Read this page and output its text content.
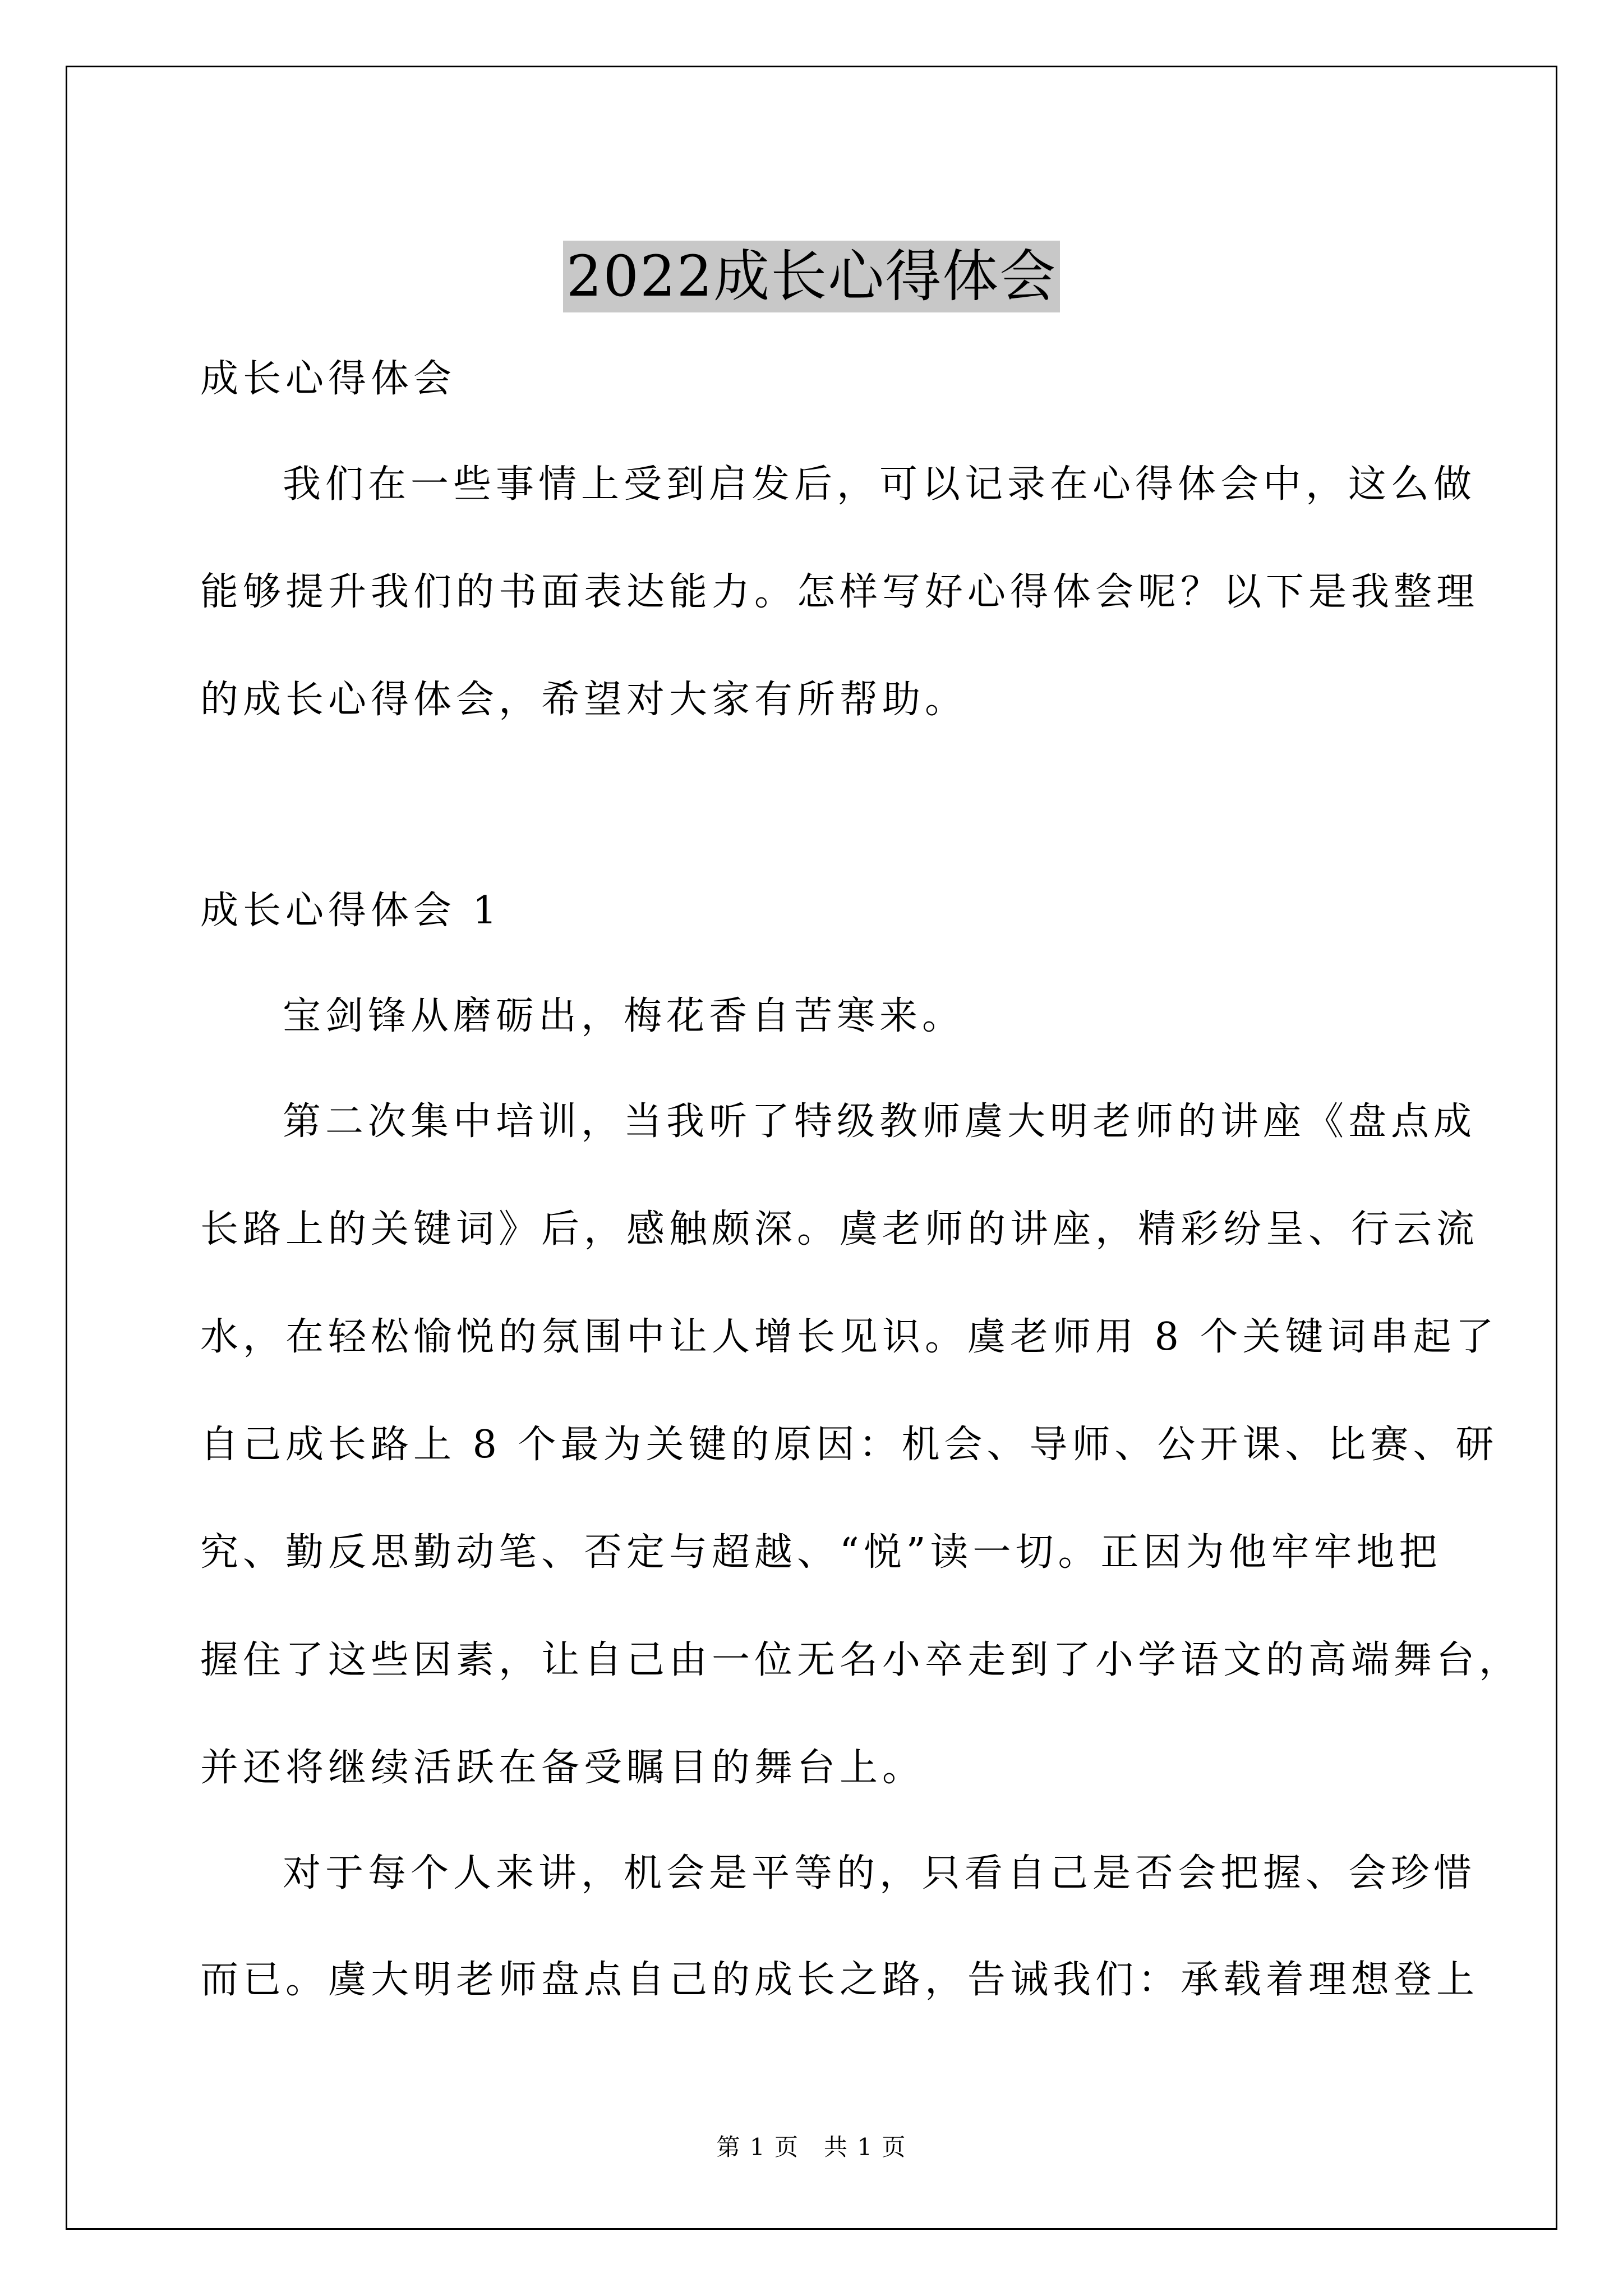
2022成长心得体会

成长心得体会

我们在一些事情上受到启发后，可以记录在心得体会中，这么做

能够提升我们的书面表达能力。怎样写好心得体会呢？以下是我整理

的成长心得体会，希望对大家有所帮助。

成长心得体会 1

宝剑锋从磨砺出，梅花香自苦寒来。

第二次集中培训，当我听了特级教师虞大明老师的讲座《盘点成

长路上的关键词》后，感触颇深。虞老师的讲座，精彩纷呈、行云流

水，在轻松愉悦的氛围中让人增长见识。虞老师用 8 个关键词串起了

自己成长路上 8 个最为关键的原因：机会、导师、公开课、比赛、研

究、勤反思勤动笔、否定与超越、“悦”读一切。正因为他牢牢地把

握住了这些因素，让自己由一位无名小卒走到了小学语文的高端舞台，

并还将继续活跃在备受瞩目的舞台上。

对于每个人来讲，机会是平等的，只看自己是否会把握、会珍惜

而已。虞大明老师盘点自己的成长之路，告诫我们：承载着理想登上

第 1 页　共 1 页
